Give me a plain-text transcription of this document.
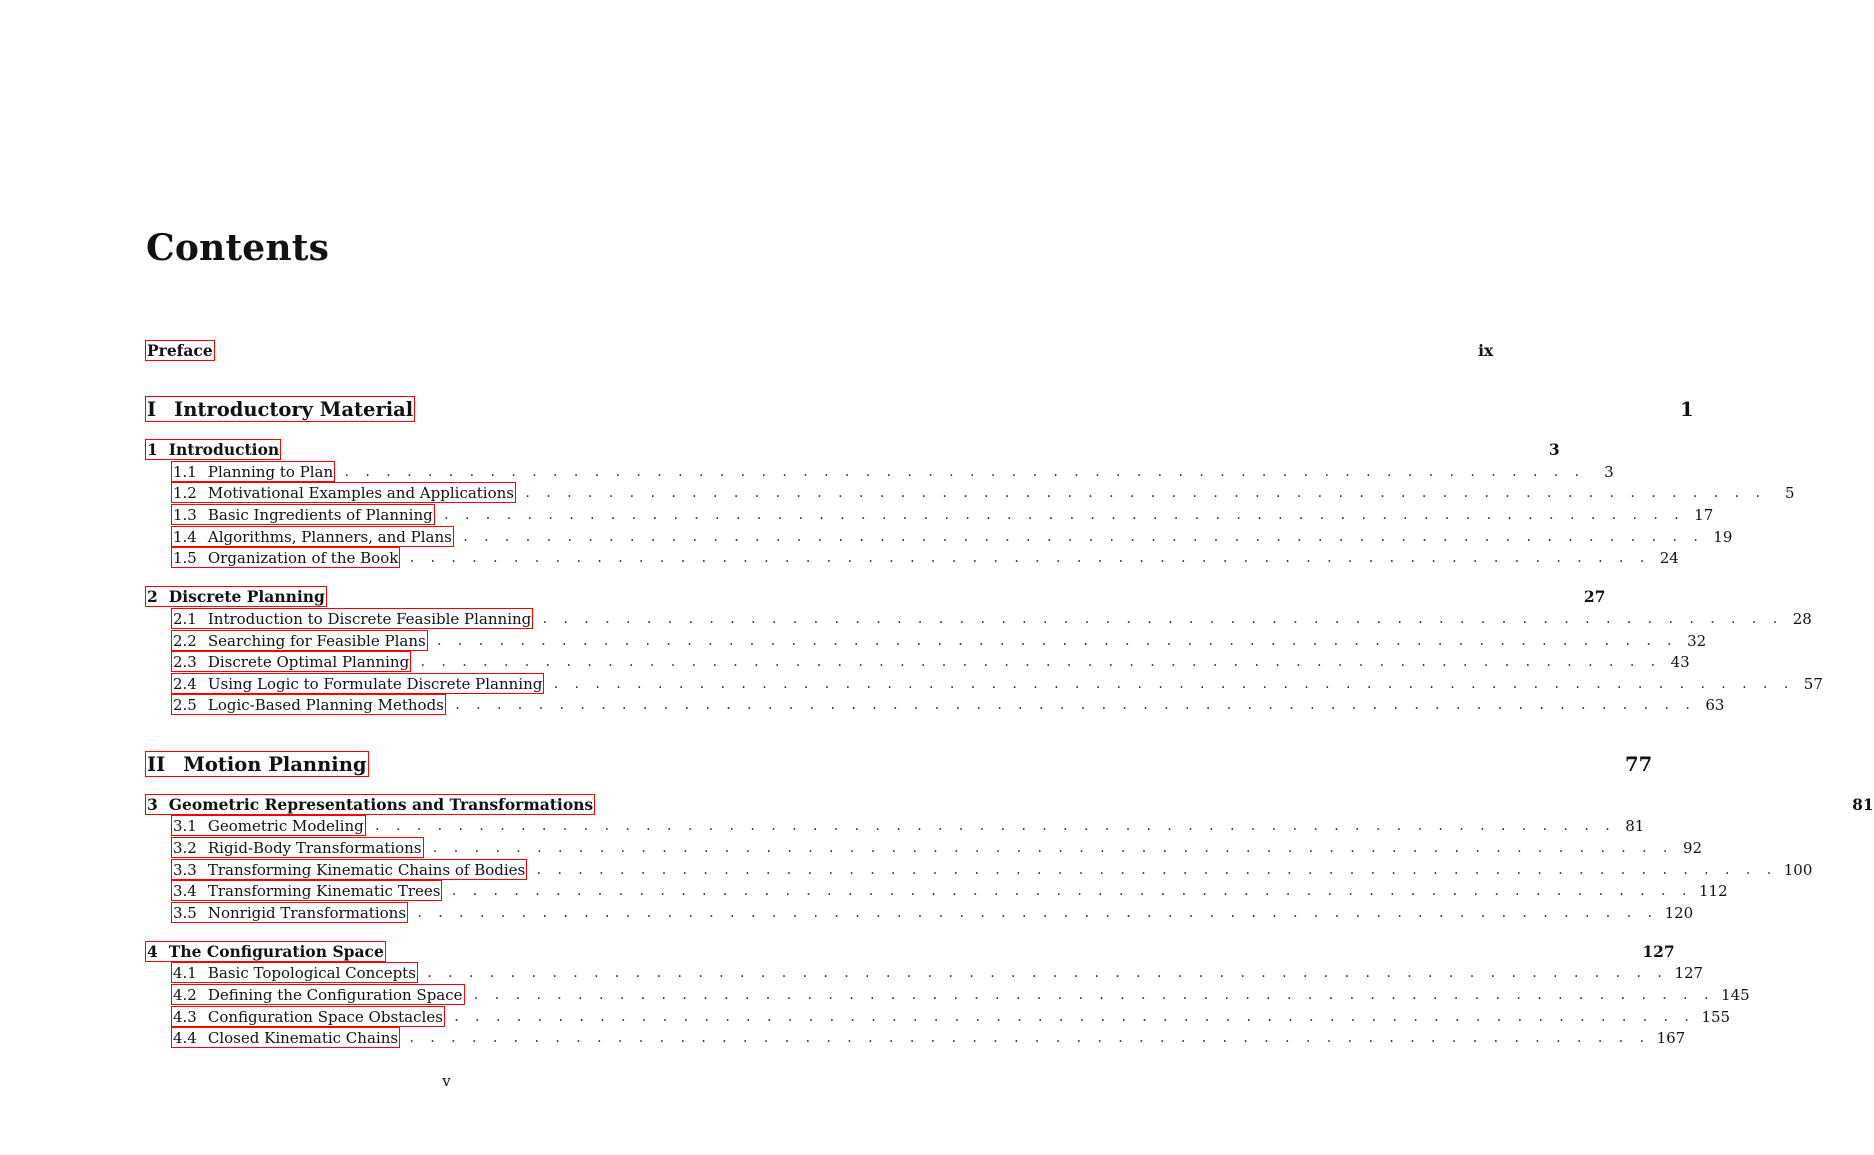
Contents
Preface	ix
I Introductory Material	1
1 Introduction	3
1.1 Planning to Plan . . . . . . . . . . . . . . . . . . . . . . . . . . . . . . . . . . . . . . . . . . . . . . . . . . . . . . . . . . . .	3
1.2 Motivational Examples and Applications . . . . . . . . . . . . . . . . . . . . . . . . . . . . . . . . . . . . . . . . . . . . . . . . . . . . . . . . . . . .	5
1.3 Basic Ingredients of Planning . . . . . . . . . . . . . . . . . . . . . . . . . . . . . . . . . . . . . . . . . . . . . . . . . . . . . . . . . . . . 17
1.4 Algorithms, Planners, and Plans . . . . . . . . . . . . . . . . . . . . . . . . . . . . . . . . . . . . . . . . . . . . . . . . . . . . . . . . . . . . 19
1.5 Organization of the Book . . . . . . . . . . . . . . . . . . . . . . . . . . . . . . . . . . . . . . . . . . . . . . . . . . . . . . . . . . . . 24
2 Discrete Planning	27
2.1 Introduction to Discrete Feasible Planning . . . . . . . . . . . . . . . . . . . . . . . . . . . . . . . . . . . . . . . . . . . . . . . . . . . . . . . . . . . . 28
2.2 Searching for Feasible Plans . . . . . . . . . . . . . . . . . . . . . . . . . . . . . . . . . . . . . . . . . . . . . . . . . . . . . . . . . . . . 32
2.3 Discrete Optimal Planning . . . . . . . . . . . . . . . . . . . . . . . . . . . . . . . . . . . . . . . . . . . . . . . . . . . . . . . . . . . . 43
2.4 Using Logic to Formulate Discrete Planning . . . . . . . . . . . . . . . . . . . . . . . . . . . . . . . . . . . . . . . . . . . . . . . . . . . . . . . . . . . . 57
2.5 Logic-Based Planning Methods . . . . . . . . . . . . . . . . . . . . . . . . . . . . . . . . . . . . . . . . . . . . . . . . . . . . . . . . . . . . 63
II Motion Planning	77
3 Geometric Representations and Transformations	81
3.1 Geometric Modeling . . . . . . . . . . . . . . . . . . . . . . . . . . . . . . . . . . . . . . . . . . . . . . . . . . . . . . . . . . . . 81
3.2 Rigid-Body Transformations . . . . . . . . . . . . . . . . . . . . . . . . . . . . . . . . . . . . . . . . . . . . . . . . . . . . . . . . . . . . 92
3.3 Transforming Kinematic Chains of Bodies . . . . . . . . . . . . . . . . . . . . . . . . . . . . . . . . . . . . . . . . . . . . . . . . . . . . . . . . . . . . 100
3.4 Transforming Kinematic Trees . . . . . . . . . . . . . . . . . . . . . . . . . . . . . . . . . . . . . . . . . . . . . . . . . . . . . . . . . . . . 112
3.5 Nonrigid Transformations . . . . . . . . . . . . . . . . . . . . . . . . . . . . . . . . . . . . . . . . . . . . . . . . . . . . . . . . . . . . 120
4 The Configuration Space	127
4.1 Basic Topological Concepts . . . . . . . . . . . . . . . . . . . . . . . . . . . . . . . . . . . . . . . . . . . . . . . . . . . . . . . . . . . . 127
4.2 Defining the Configuration Space . . . . . . . . . . . . . . . . . . . . . . . . . . . . . . . . . . . . . . . . . . . . . . . . . . . . . . . . . . . . 145
4.3 Configuration Space Obstacles . . . . . . . . . . . . . . . . . . . . . . . . . . . . . . . . . . . . . . . . . . . . . . . . . . . . . . . . . . . . 155
4.4 Closed Kinematic Chains . . . . . . . . . . . . . . . . . . . . . . . . . . . . . . . . . . . . . . . . . . . . . . . . . . . . . . . . . . . . 167
v
